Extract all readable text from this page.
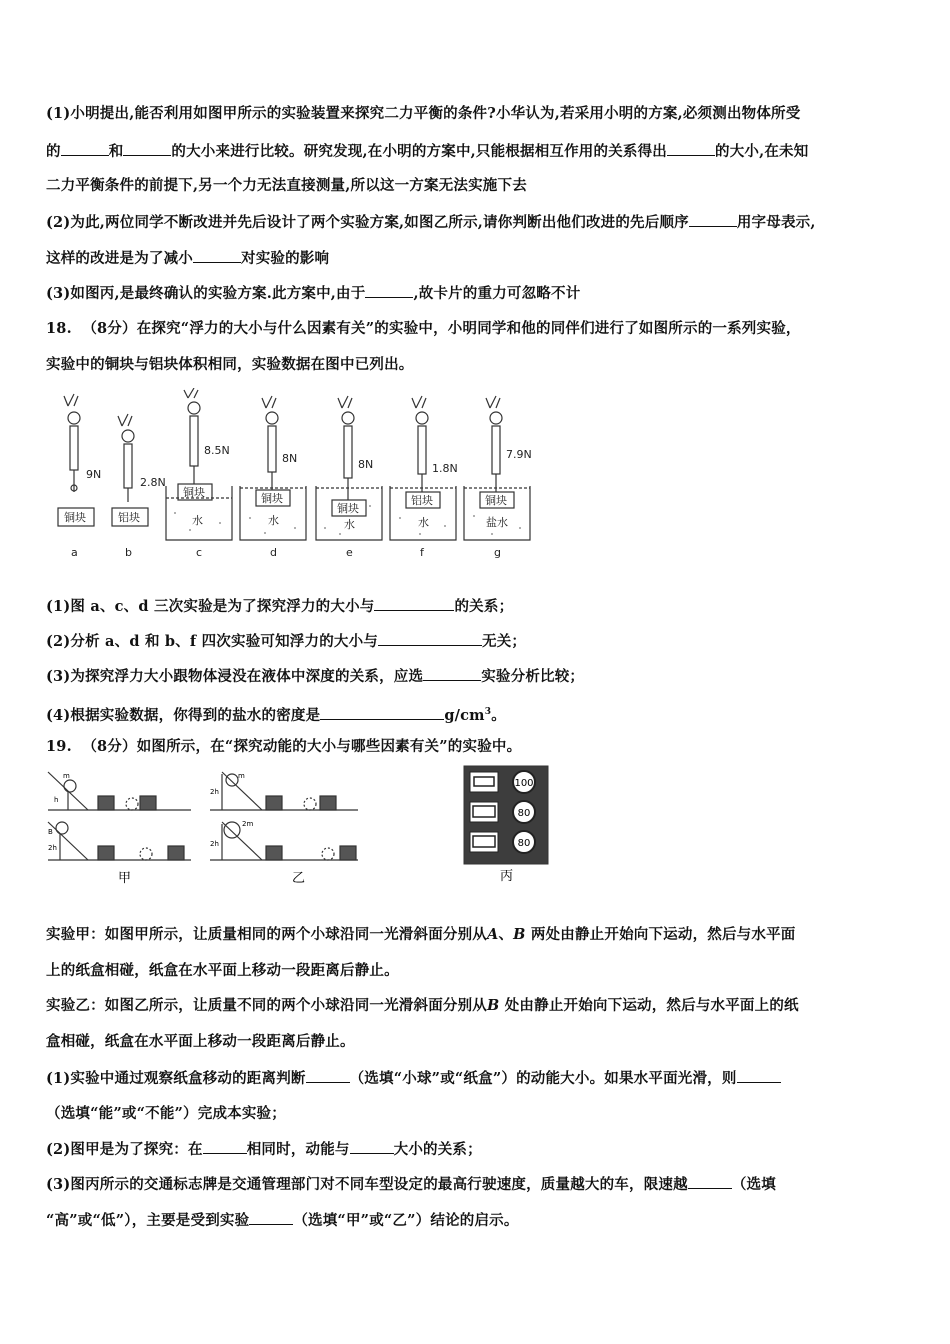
(1)小明提出,能否利用如图甲所示的实验装置来探究二力平衡的条件?小华认为,若采用小明的方案,必须测出物体所受
的	和	的大小来进行比较。研究发现,在小明的方案中,只能根据相互作用的关系得出	的大小,在未知
二力平衡条件的前提下,另一个力无法直接测量,所以这一方案无法实施下去
(2)为此,两位同学不断改进并先后设计了两个实验方案,如图乙所示,请你判断出他们改进的先后顺序	用字母表示,
这样的改进是为了减小	对实验的影响
(3)如图丙,是最终确认的实验方案.此方案中,由于	,故卡片的重力可忽略不计
18.  （8分）在探究“浮力的大小与什么因素有关”的实验中，小明同学和他的同伴们进行了如图所示的一系列实验，
实验中的铜块与铝块体积相同，实验数据在图中已列出。
铜块	铝块
铜块	铜块
铜块
铝块	铜块
水	水	水	水	盐水
9N
2.8N
8.5N
8N	8N	1.8N
7.9N
a	b	c	d	e	f	g
(1)图 a、c、d 三次实验是为了探究浮力的大小与	的关系；
(2)分析 a、d 和 b、f 四次实验可知浮力的大小与	无关；
(3)为探究浮力大小跟物体浸没在液体中深度的关系，应选	实验分析比较；
(4)根据实验数据，你得到的盐水的密度是	$g/cm^3$。
19.  （8分）如图所示，在“探究动能的大小与哪些因素有关”的实验中。
m
h
B
2h
甲
m
2h
2m
2h
乙
100
80
80
丙
实验甲：如图甲所示，让质量相同的两个小球沿同一光滑斜面分别从A、B 两处由静止开始向下运动，然后与水平面
上的纸盒相碰，纸盒在水平面上移动一段距离后静止。
实验乙：如图乙所示，让质量不同的两个小球沿同一光滑斜面分别从B 处由静止开始向下运动，然后与水平面上的纸
盒相碰，纸盒在水平面上移动一段距离后静止。
(1)实验中通过观察纸盒移动的距离判断	（选填“小球”或“纸盒”）的动能大小。如果水平面光滑，则
（选填“能”或“不能”）完成本实验；
(2)图甲是为了探究：在	相同时，动能与	大小的关系；
(3)图丙所示的交通标志牌是交通管理部门对不同车型设定的最高行驶速度，质量越大的车，限速越	（选填
“高”或“低”），主要是受到实验	（选填“甲”或“乙”）结论的启示。
